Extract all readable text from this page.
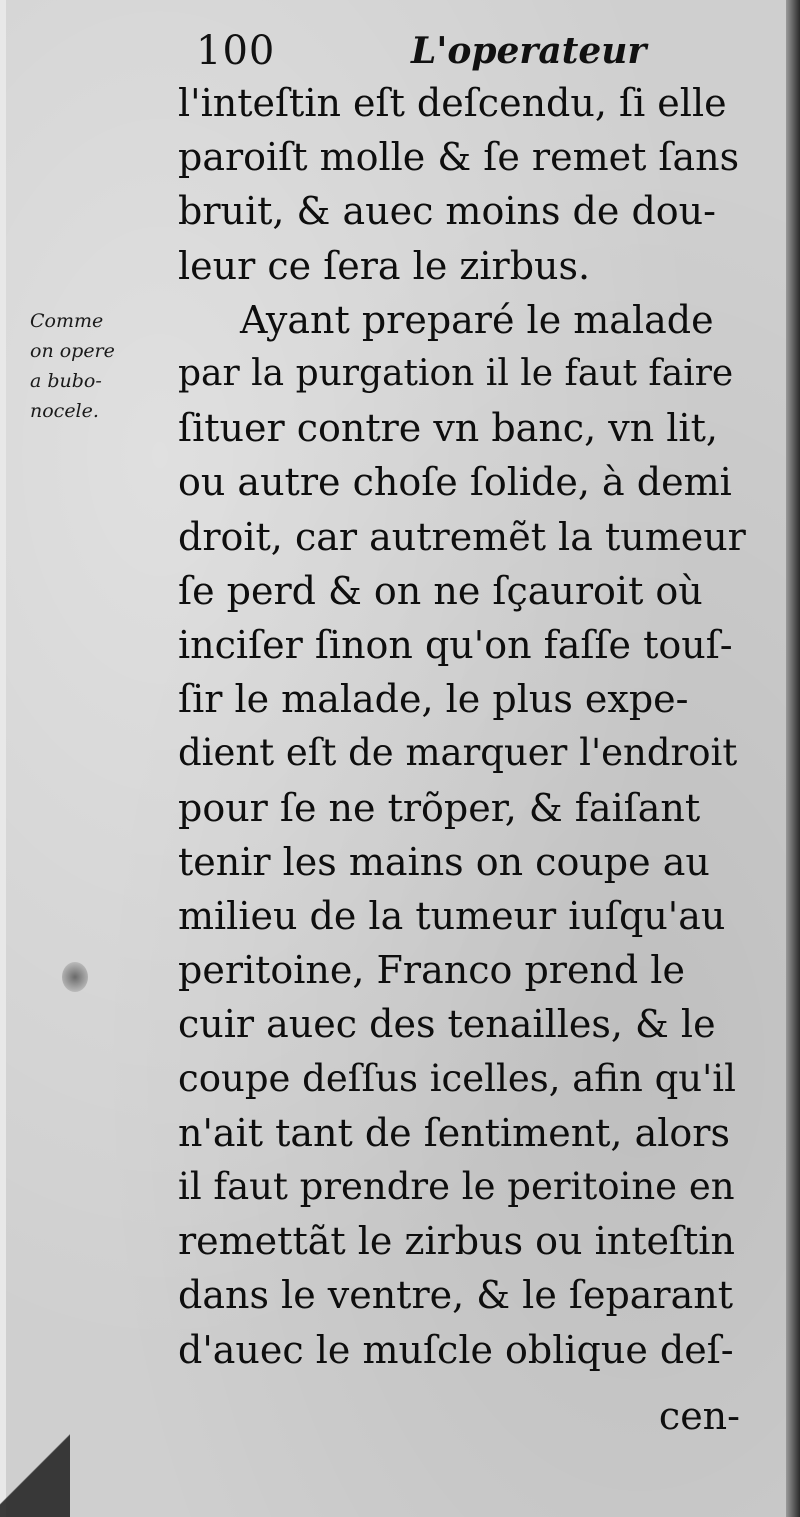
100	L'operateur
Comme
on opere
a bubo-
nocele.
l'inteſtin eſt deſcendu, ſi elle
paroiſt molle & ſe remet ſans
bruit, & auec moins de dou-
leur ce ſera le zirbus.
Ayant preparé le malade
par la purgation il le faut faire
ſituer contre vn banc, vn lit,
ou autre choſe ſolide, à demi
droit, car autremẽt la tumeur
ſe perd & on ne ſçauroit où
inciſer ſinon qu'on faſſe touſ-
ſir le malade, le plus expe-
dient eſt de marquer l'endroit
pour ſe ne trõper, & faiſant
tenir les mains on coupe au
milieu de la tumeur iuſqu'au
peritoine, Franco prend le
cuir auec des tenailles, & le
coupe deſſus icelles, afin qu'il
n'ait tant de ſentiment, alors
il faut prendre le peritoine en
remettãt le zirbus ou inteſtin
dans le ventre, & le ſeparant
d'auec le muſcle oblique deſ-
cen-
